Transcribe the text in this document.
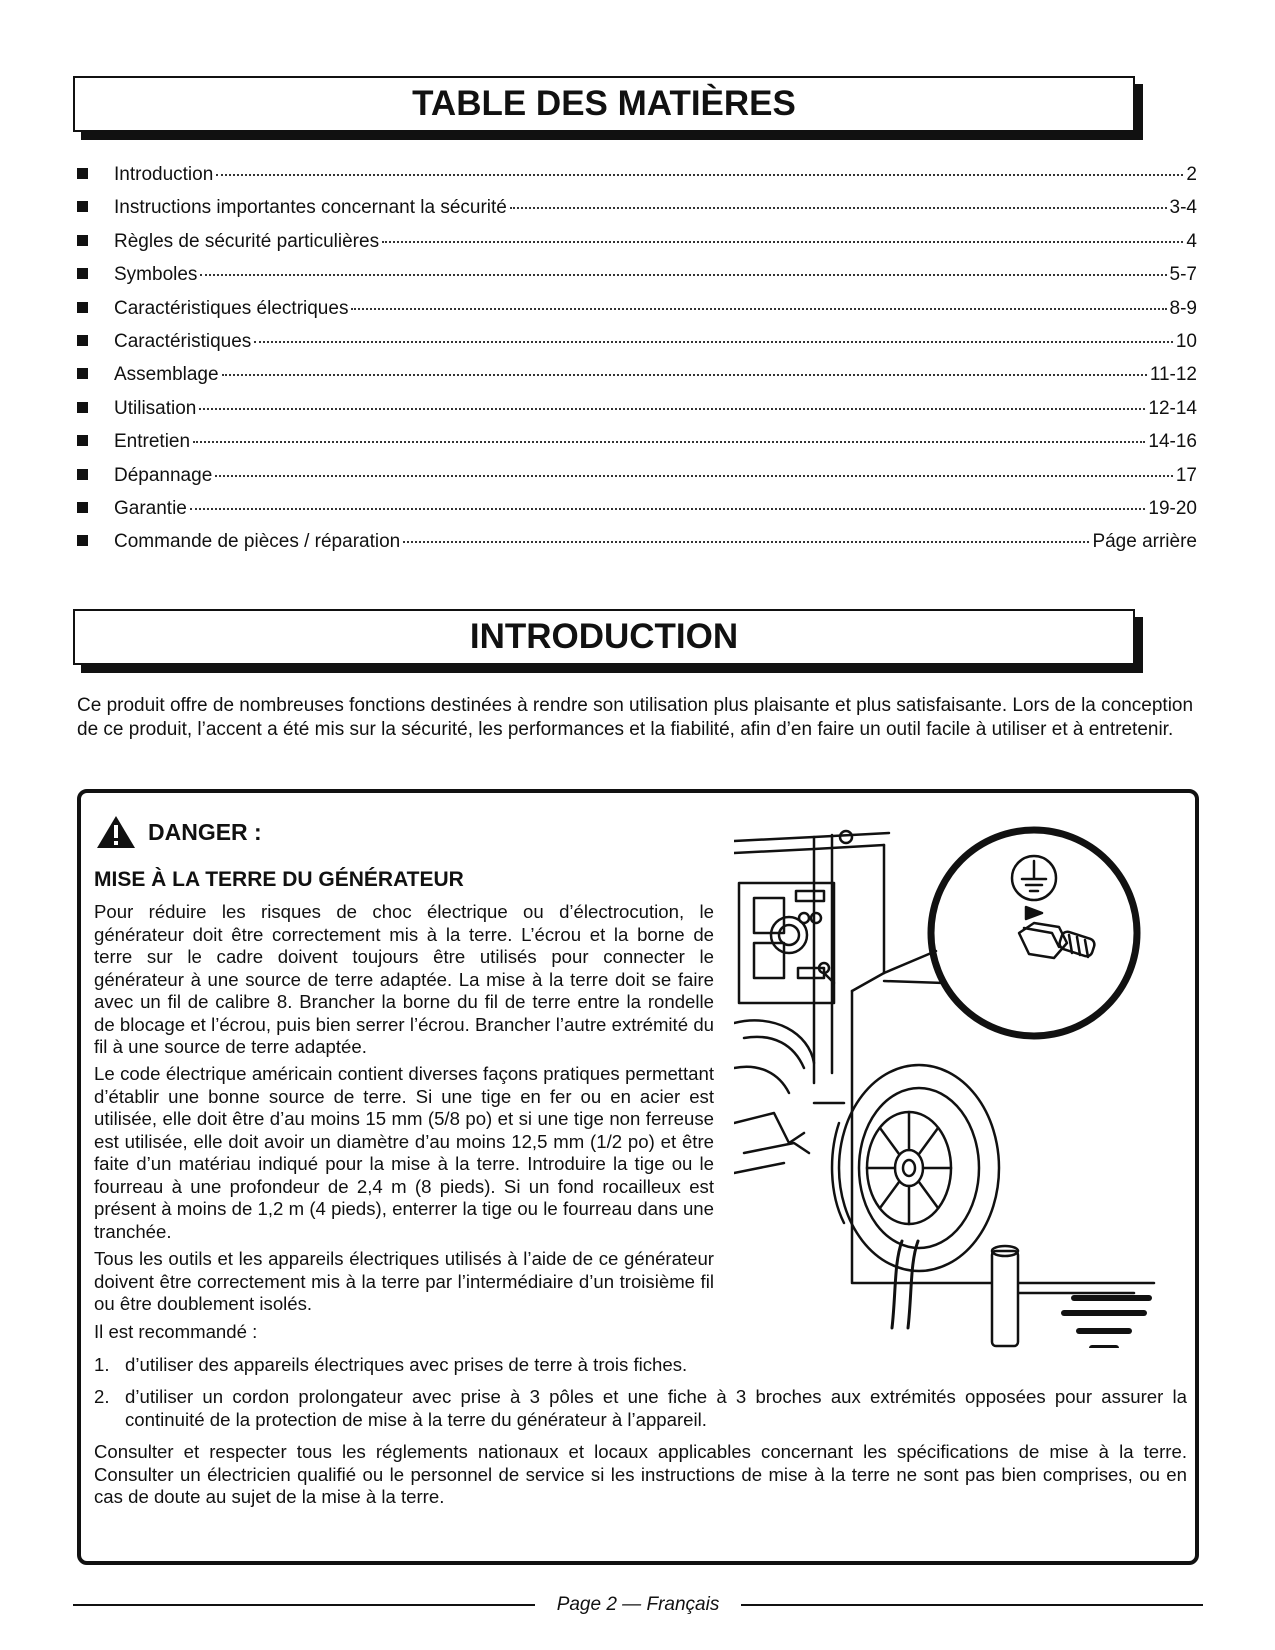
TABLE DES MATIÈRES
Introduction	2
Instructions importantes concernant la sécurité	3-4
Règles de sécurité particulières	4
Symboles	5-7
Caractéristiques électriques	8-9
Caractéristiques	10
Assemblage	11-12
Utilisation	12-14
Entretien	14-16
Dépannage	17
Garantie	19-20
Commande de pièces / réparation	Páge arrière
INTRODUCTION

Ce produit offre de nombreuses fonctions destinées à rendre son utilisation plus plaisante et plus satisfaisante. Lors de la conception de ce produit, l’accent a été mis sur la sécurité, les performances et la fiabilité, afin d’en faire un outil facile à utiliser et à entretenir.

DANGER :

MISE À LA TERRE DU GÉNÉRATEUR

Pour réduire les risques de choc électrique ou d’électrocution, le générateur doit être correctement mis à la terre. L’écrou et la borne de terre sur le cadre doivent toujours être utilisés pour connecter le générateur à une source de terre adaptée. La mise à la terre doit se faire avec un fil de calibre 8. Brancher la borne du fil de terre entre la rondelle de blocage et l’écrou, puis bien serrer l’écrou. Brancher l’autre extrémité du fil à une source de terre adaptée.

Le code électrique américain contient diverses façons pratiques permettant d’établir une bonne source de terre. Si une tige en fer ou en acier est utilisée, elle doit être d’au moins 15 mm (5/8 po) et si une tige non ferreuse est utilisée, elle doit avoir un diamètre d’au moins 12,5 mm (1/2 po) et être faite d’un matériau indiqué pour la mise à la terre. Introduire la tige ou le fourreau à une profondeur de 2,4 m (8 pieds). Si un fond rocailleux est présent à moins de 1,2 m (4 pieds), enterrer la tige ou le fourreau dans une tranchée.

Tous les outils et les appareils électriques utilisés à l’aide de ce générateur doivent être correctement mis à la terre par l’intermédiaire d’un troisième fil ou être doublement isolés.

Il est recommandé :

1. d’utiliser des appareils électriques avec prises de terre à trois fiches.
2. d’utiliser un cordon prolongateur avec prise à 3 pôles et une fiche à 3 broches aux extrémités opposées pour assurer la continuité de la protection de mise à la terre du générateur à l’appareil.

Consulter et respecter tous les réglements nationaux et locaux applicables concernant les spécifications de mise à la terre. Consulter un électricien qualifié ou le personnel de service si les instructions de mise à la terre ne sont pas bien comprises, ou en cas de doute au sujet de la mise à la terre.

Page 2 — Français
